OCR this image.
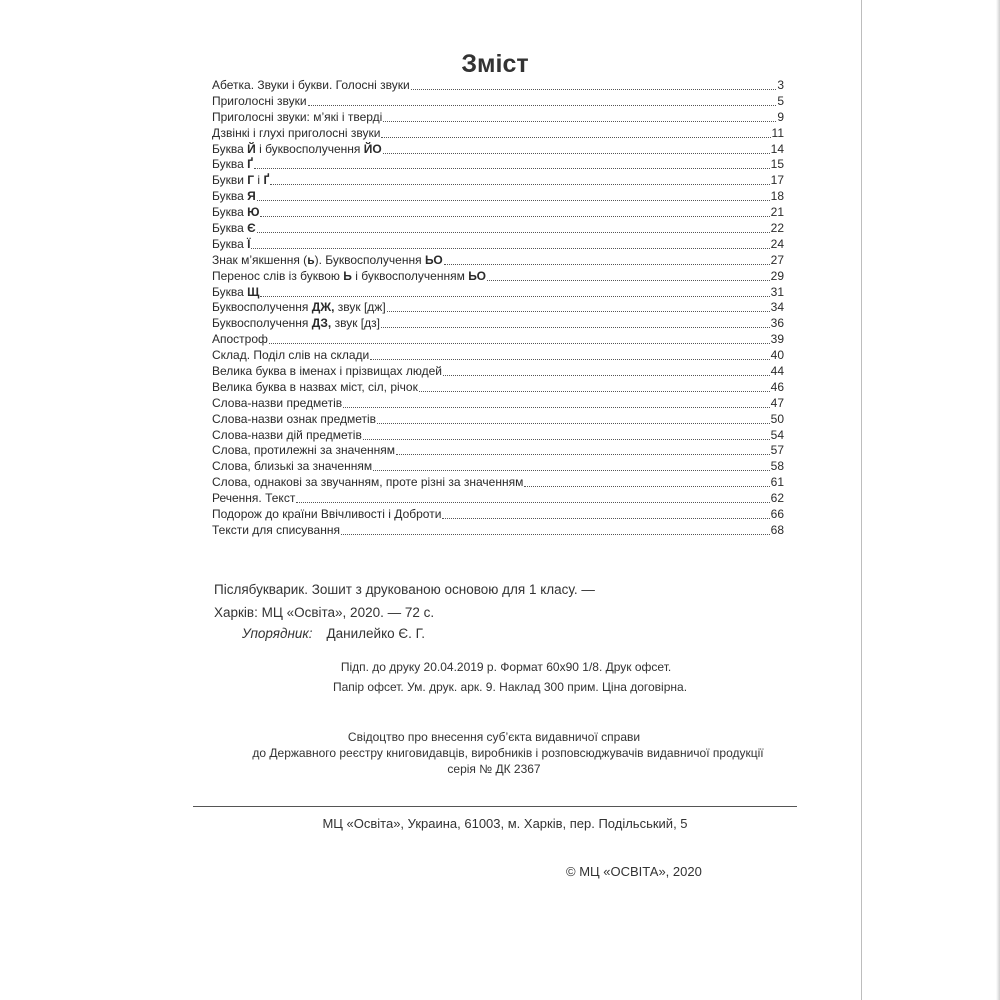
Зміст
Абетка. Звуки і букви. Голосні звуки	3
Приголосні звуки	5
Приголосні звуки: м’які і тверді	9
Дзвінкі і глухі приголосні звуки	11
Буква Й і буквосполучення ЙО	14
Буква Ґ	15
Букви Г і Ґ	17
Буква Я	18
Буква Ю	21
Буква Є	22
Буква Ї	24
Знак м’якшення (ь). Буквосполучення ЬО	27
Перенос слів із буквою Ь і буквосполученням ЬО	29
Буква Щ	31
Буквосполучення ДЖ, звук [дж]	34
Буквосполучення ДЗ, звук [дз]	36
Апостроф	39
Склад. Поділ слів на склади	40
Велика буква в іменах і прізвищах людей	44
Велика буква в назвах міст, сіл, річок	46
Слова-назви предметів	47
Слова-назви ознак предметів	50
Слова-назви дій предметів	54
Слова, протилежні за значенням	57
Слова, близькі за значенням	58
Слова, однакові за звучанням, проте різні за значенням	61
Речення. Текст	62
Подорож до країни Ввічливості і Доброти	66
Тексти для списування	68
Післябукварик. Зошит з друкованою основою для 1 класу. —
Харків: МЦ «Освіта», 2020. — 72 с.
Упорядник: Данилейко Є. Г.
Підп. до друку 20.04.2019 р. Формат 60x90 1/8. Друк офсет.
Папір офсет. Ум. друк. арк. 9. Наклад 300 прим. Ціна договірна.
Свідоцтво про внесення суб’єкта видавничої справи
до Державного реєстру книговидавців, виробників і розповсюджувачів видавничої продукції
серія № ДК 2367
МЦ «Освіта», Украина, 61003, м. Харків, пер. Подільський, 5
© МЦ «ОСВІТА», 2020
